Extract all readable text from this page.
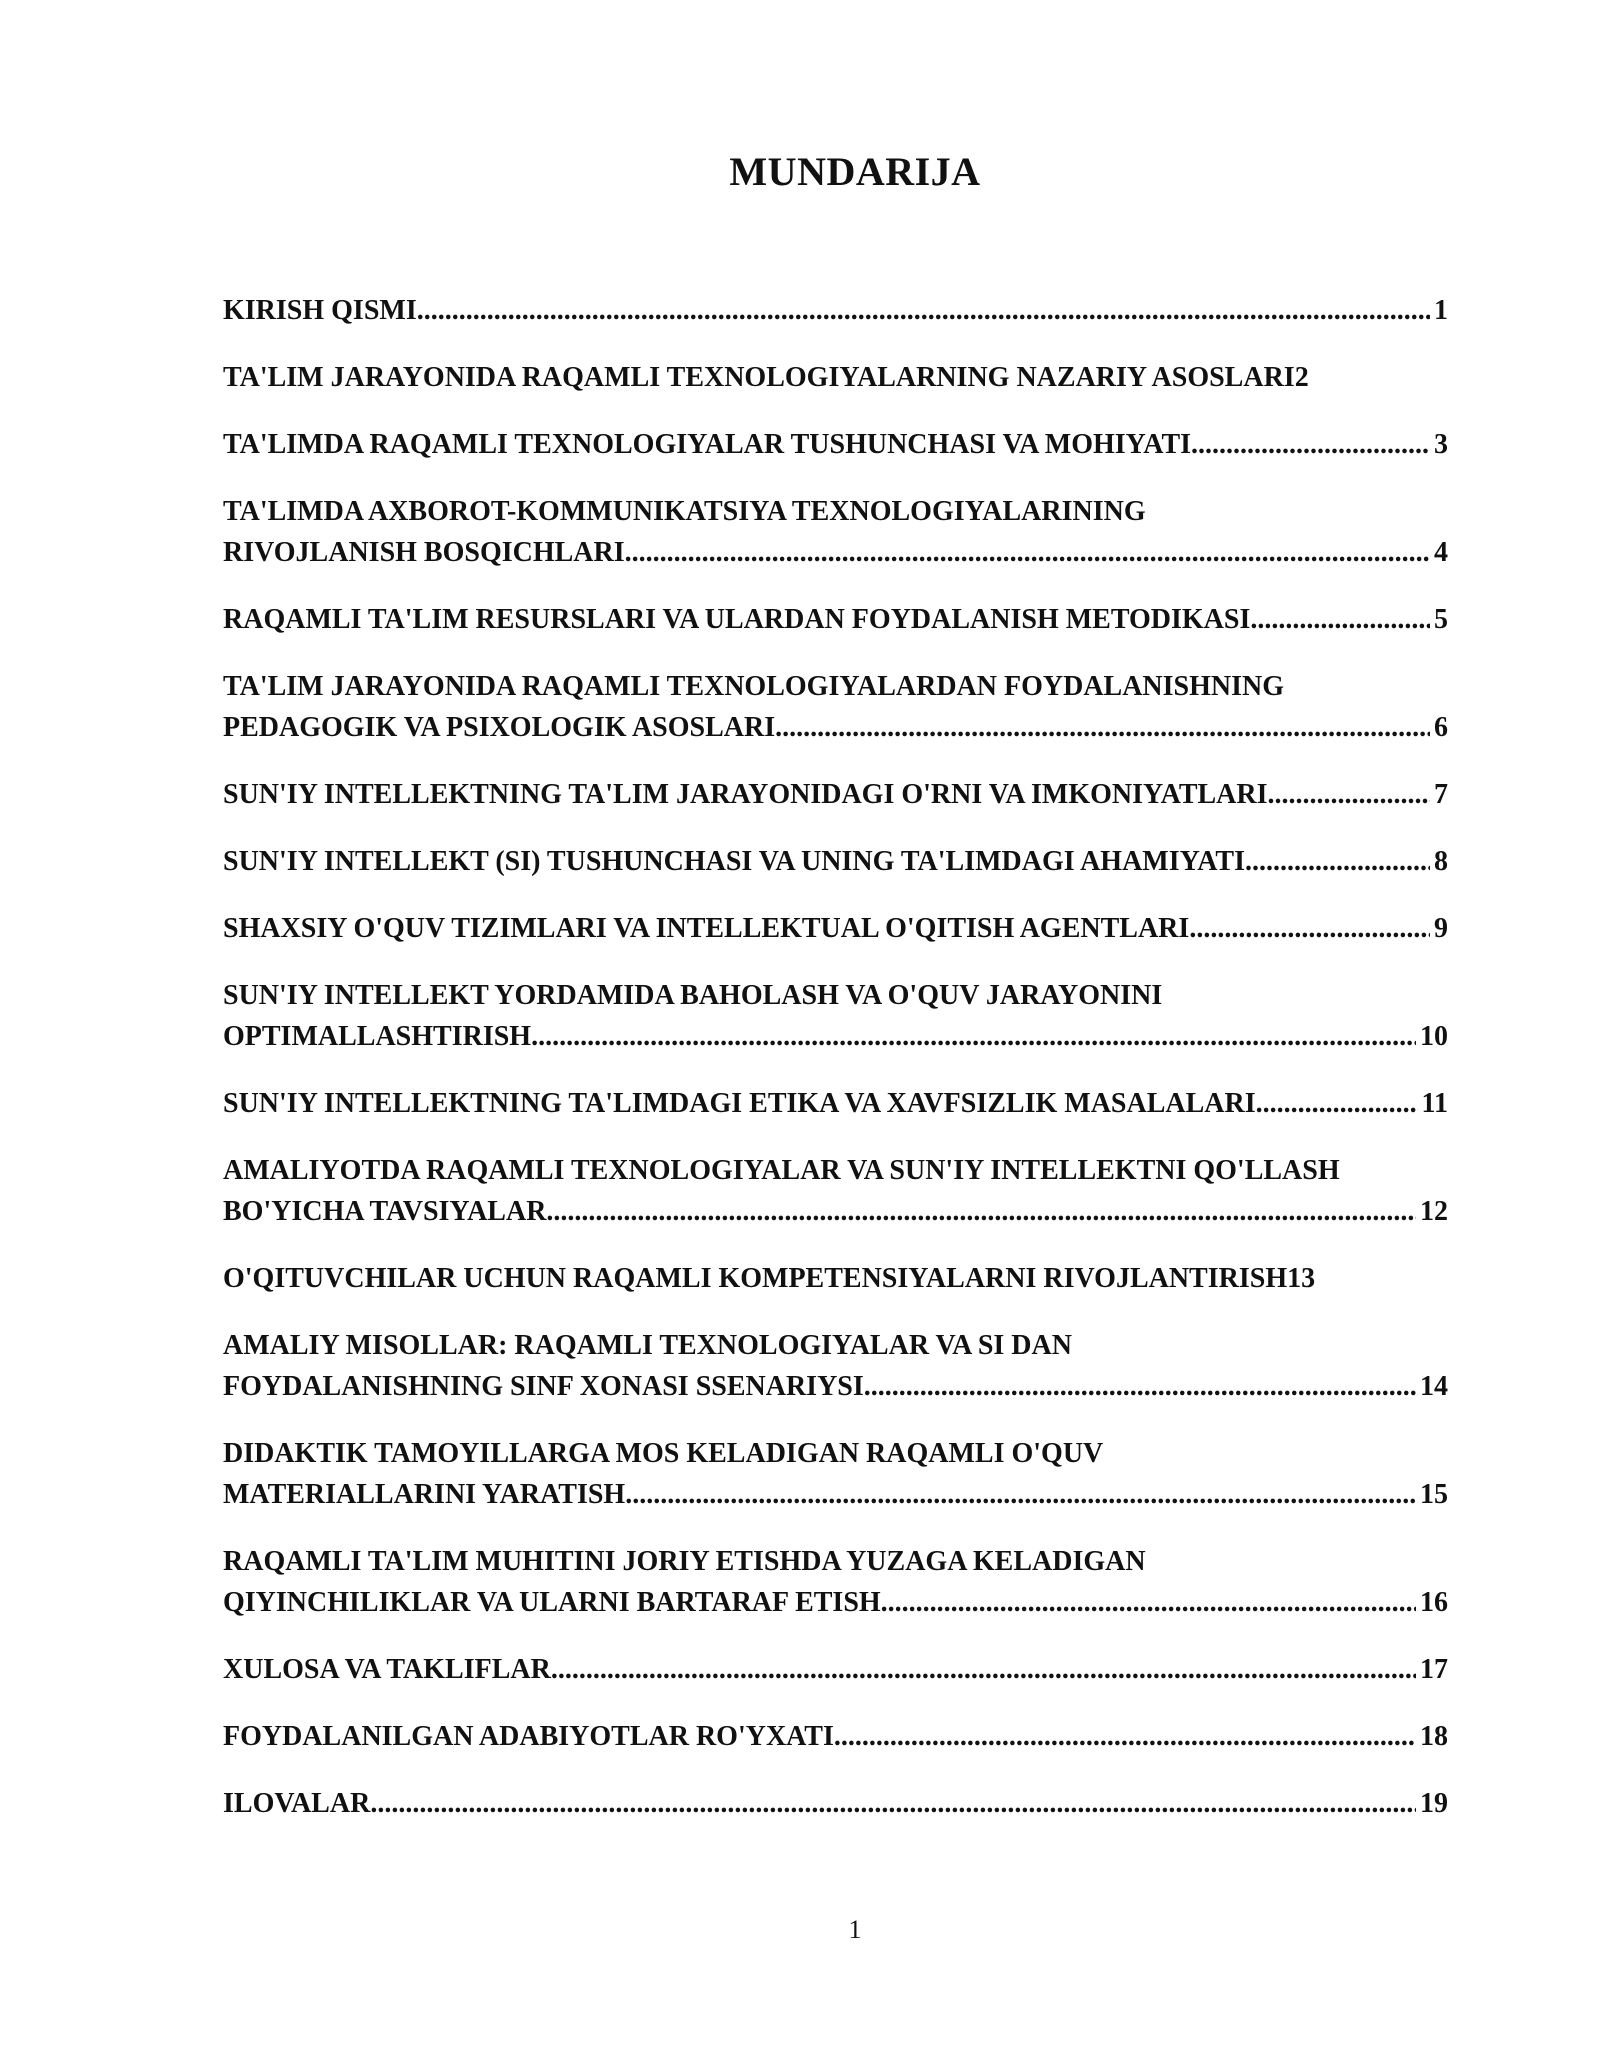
MUNDARIJA
KIRISH QISMI .....	1
TA'LIM JARAYONIDA RAQAMLI TEXNOLOGIYALARNING NAZARIY ASOSLARI 2
TA'LIMDA RAQAMLI TEXNOLOGIYALAR TUSHUNCHASI VA MOHIYATI .....	3
TA'LIMDA AXBOROT-KOMMUNIKATSIYA TEXNOLOGIYALARINING
RIVOJLANISH BOSQICHLARI .....	4
RAQAMLI TA'LIM RESURSLARI VA ULARDAN FOYDALANISH METODIKASI .....	5
TA'LIM JARAYONIDA RAQAMLI TEXNOLOGIYALARDAN FOYDALANISHNING
PEDAGOGIK VA PSIXOLOGIK ASOSLARI .....	6
SUN'IY INTELLEKTNING TA'LIM JARAYONIDAGI O'RNI VA IMKONIYATLARI .....	7
SUN'IY INTELLEKT (SI) TUSHUNCHASI VA UNING TA'LIMDAGI AHAMIYATI .....	8
SHAXSIY O'QUV TIZIMLARI VA INTELLEKTUAL O'QITISH AGENTLARI .....	9
SUN'IY INTELLEKT YORDAMIDA BAHOLASH VA O'QUV JARAYONINI
OPTIMALLASHTIRISH .....	10
SUN'IY INTELLEKTNING TA'LIMDAGI ETIKA VA XAVFSIZLIK MASALALARI .....	11
AMALIYOTDA RAQAMLI TEXNOLOGIYALAR VA SUN'IY INTELLEKTNI QO'LLASH
BO'YICHA TAVSIYALAR .....	12
O'QITUVCHILAR UCHUN RAQAMLI KOMPETENSIYALARNI RIVOJLANTIRISH 13
AMALIY MISOLLAR: RAQAMLI TEXNOLOGIYALAR VA SI DAN
FOYDALANISHNING SINF XONASI SSENARIYSI .....	14
DIDAKTIK TAMOYILLARGA MOS KELADIGAN RAQAMLI O'QUV
MATERIALLARINI YARATISH .....	15
RAQAMLI TA'LIM MUHITINI JORIY ETISHDA YUZAGA KELADIGAN
QIYINCHILIKLAR VA ULARNI BARTARAF ETISH .....	16
XULOSA VA TAKLIFLAR .....	17
FOYDALANILGAN ADABIYOTLAR RO'YXATI .....	18
ILOVALAR .....	19
1
